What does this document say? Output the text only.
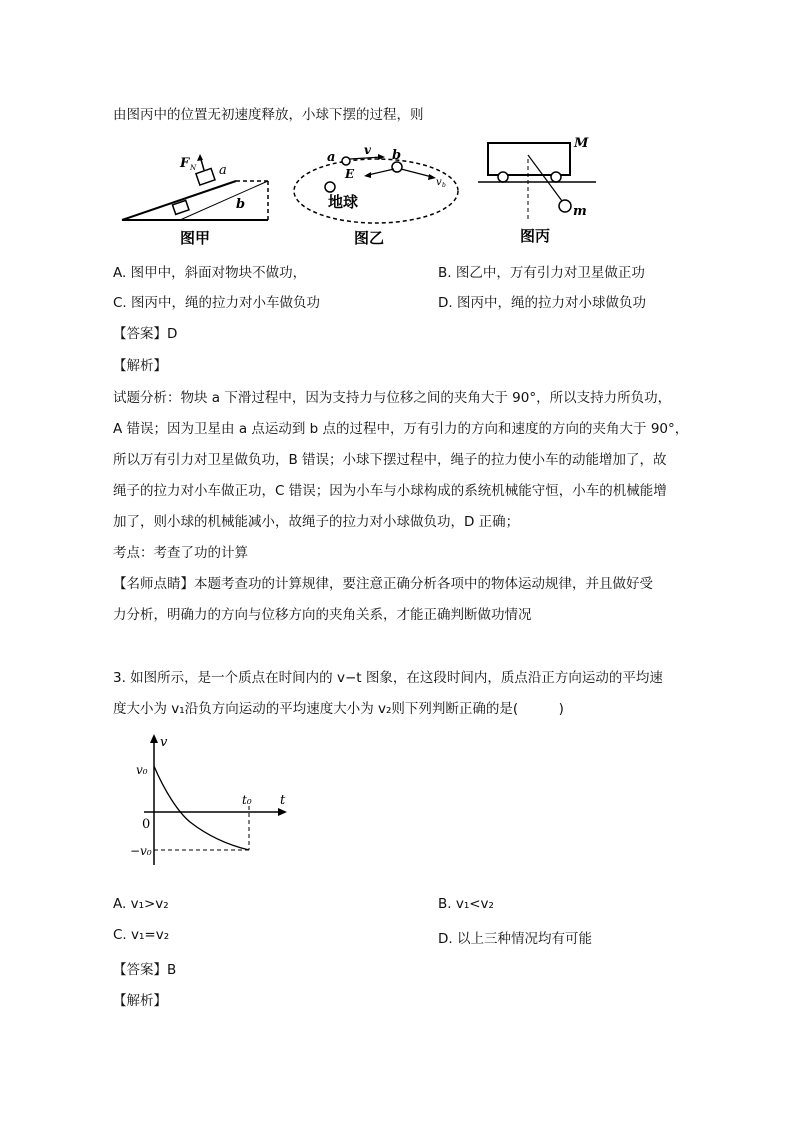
由图丙中的位置无初速度释放，小球下摆的过程，则
F N a
b
图甲
a v b
E
v b
地球
图乙
M
m
图丙
A. 图甲中，斜面对物块不做功，	B. 图乙中，万有引力对卫星做正功
C. 图丙中，绳的拉力对小车做负功	D. 图丙中，绳的拉力对小球做负功
【答案】D
【解析】
试题分析：物块 a 下滑过程中，因为支持力与位移之间的夹角大于 90°，所以支持力所负功，
A 错误；因为卫星由 a 点运动到 b 点的过程中，万有引力的方向和速度的方向的夹角大于 90°，
所以万有引力对卫星做负功，B 错误；小球下摆过程中，绳子的拉力使小车的动能增加了，故
绳子的拉力对小车做正功，C 错误；因为小车与小球构成的系统机械能守恒，小车的机械能增
加了，则小球的机械能减小，故绳子的拉力对小球做负功，D 正确；
考点：考查了功的计算
【名师点睛】本题考查功的计算规律，要注意正确分析各项中的物体运动规律，并且做好受
力分析，明确力的方向与位移方向的夹角关系，才能正确判断做功情况
3. 如图所示，是一个质点在时间内的 v−t 图象，在这段时间内，质点沿正方向运动的平均速
度大小为 v₁沿负方向运动的平均速度大小为 v₂则下列判断正确的是(　　　)
v
t
v₀
0
t₀
−v₀
A. v₁>v₂	B. v₁<v₂
C. v₁=v₂	D. 以上三种情况均有可能
【答案】B
【解析】
